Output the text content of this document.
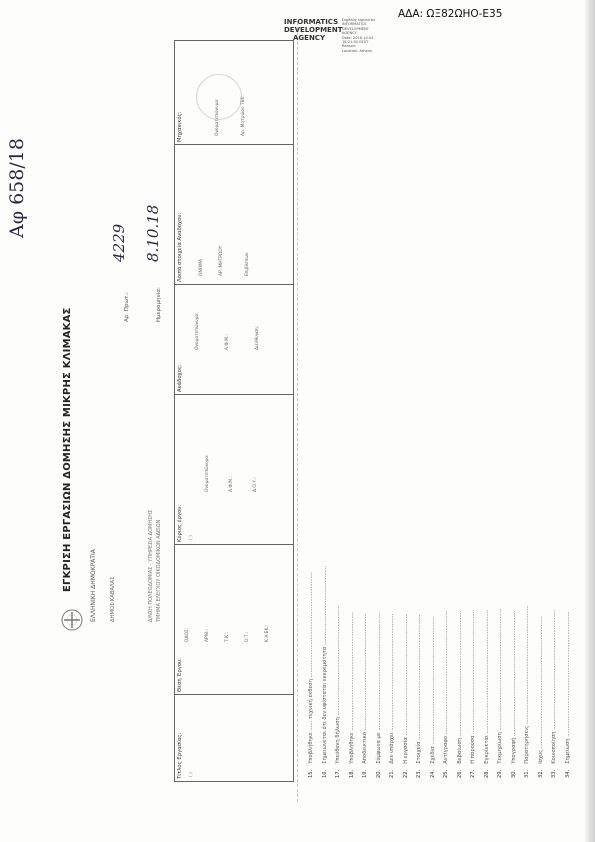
ΑΔΑ: ΩΞ82ΩΗΟ-Ε35
INFORMATICS
DEVELOPMENT
AGENCY
Digitally signed by
INFORMATICS DEVELOPMENT
AGENCY
Date: 2018.10.04
16:21:00 EEST
Reason:
Location: Athens
ΕΓΚΡΙΣΗ ΕΡΓΑΣΙΩΝ ΔΟΜΗΣΗΣ ΜΙΚΡΗΣ ΚΛΙΜΑΚΑΣ	ΕΛΛΗΝΙΚΗ ΔΗΜΟΚΡΑΤΙΑ	ΔΗΜΟΣ ΚΑΒΑΛΑΣ	Δ/ΝΣΗ ΠΟΛΕΟΔΟΜΙΑΣ - ΥΠΗΡΕΣΙΑ ΔΟΜΗΣΗΣ ΤΜΗΜΑ ΕΛΕΓΧΟΥ ΟΙΚΟΔΟΜΙΚΩΝ ΑΔΕΙΩΝ
Αρ. Πρωτ.:	Ημερομηνία:
4229 8.10.18
Αφ 658/18
Τίτλος Εργασίας: ( )
Θέση Έργου:
ΟΔΟΣ:	ΑΡΙΘ.:	Τ.Κ.:	Ο.Τ.:	Κ.Α.ΕΚ.:
Κύριος έργου: ( )
Ονοματεπώνυμο:	Α.Φ.Μ.:	Δ.Ο.Υ.:
Ανάδοχος:
Ονοματεπώνυμο:	Α.Φ.Μ.:	Διεύθυνση:
Λοιπά στοιχεία Αναδόχου:	ΟΝΟΜΑ	ΑΡ. ΜΗΤΡΩΟΥ	Επιβλέπων
Μηχανικός:	Ονοματεπώνυμο:	Αρ. Μητρώου ΤΕΕ:
15.Υποβλήθηκε ...... τεχνική έκθεση ................................................................
16.Σημειώνεται ότι δεν υφίσταται εκκρεμότητα ................................................
17.Υπεύθυνη δήλωση ...................................................................
18.Υποβλήθηκε ........................................................................
19.Αποδεικτικό .......................................................................
20.Σύμφωνα με ........................................................................
21.Δεν υπάρχει .......................................................................
22.Η εργασία ..........................................................................
23.Στοιχεία ............................................................................
24.Σχέδια ..............................................................................
25.Αντίγραφο ...........................................................................
26.Βεβαίωση ............................................................................
27.Η παρούσα ...........................................................................
28.Εγκρίνεται ...........................................................................
29.Τεκμηρίωση ..........................................................................
30.Υπογραφή ............................................................................
31.Παρατηρήσεις ........................................................................
32.Ισχύς ................................................................................
33.Κοινοποίηση .........................................................................
34.Σημείωση ............................................................................
